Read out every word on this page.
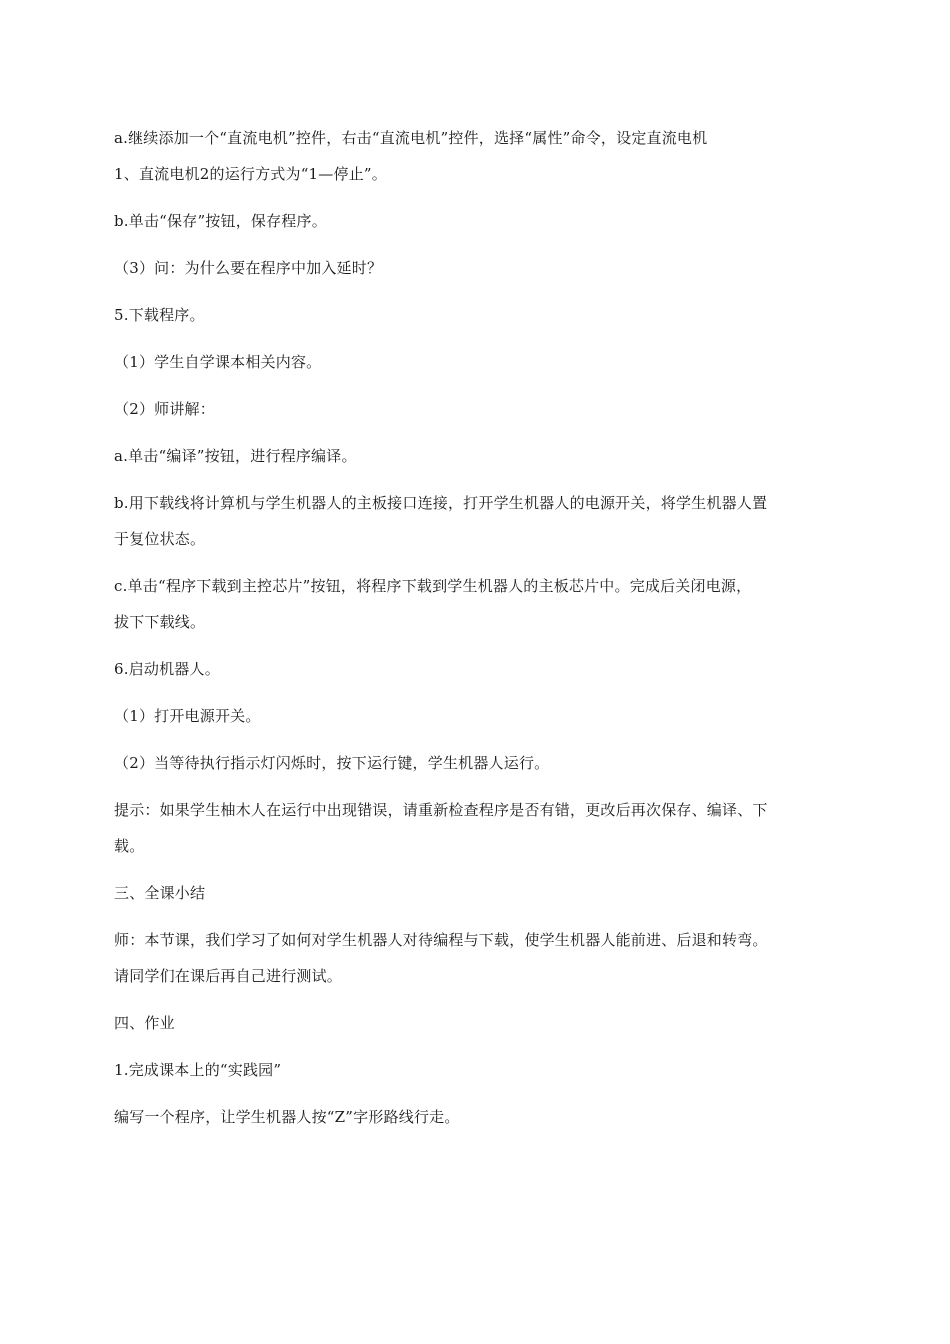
a.继续添加一个“直流电机”控件，右击“直流电机”控件，选择“属性”命令，设定直流电机
1、直流电机2的运行方式为“1—停止”。

b.单击“保存”按钮，保存程序。

（3）问：为什么要在程序中加入延时？

5.下载程序。

（1）学生自学课本相关内容。

（2）师讲解：

a.单击“编译”按钮，进行程序编译。

b.用下载线将计算机与学生机器人的主板接口连接，打开学生机器人的电源开关，将学生机器人置
于复位状态。

c.单击“程序下载到主控芯片”按钮，将程序下载到学生机器人的主板芯片中。完成后关闭电源，
拔下下载线。

6.启动机器人。

（1）打开电源开关。

（2）当等待执行指示灯闪烁时，按下运行键，学生机器人运行。

提示：如果学生柚木人在运行中出现错误，请重新检查程序是否有错，更改后再次保存、编译、下
载。

三、全课小结

师：本节课，我们学习了如何对学生机器人对待编程与下载，使学生机器人能前进、后退和转弯。
请同学们在课后再自己进行测试。

四、作业

1.完成课本上的“实践园”

编写一个程序，让学生机器人按“Z”字形路线行走。
